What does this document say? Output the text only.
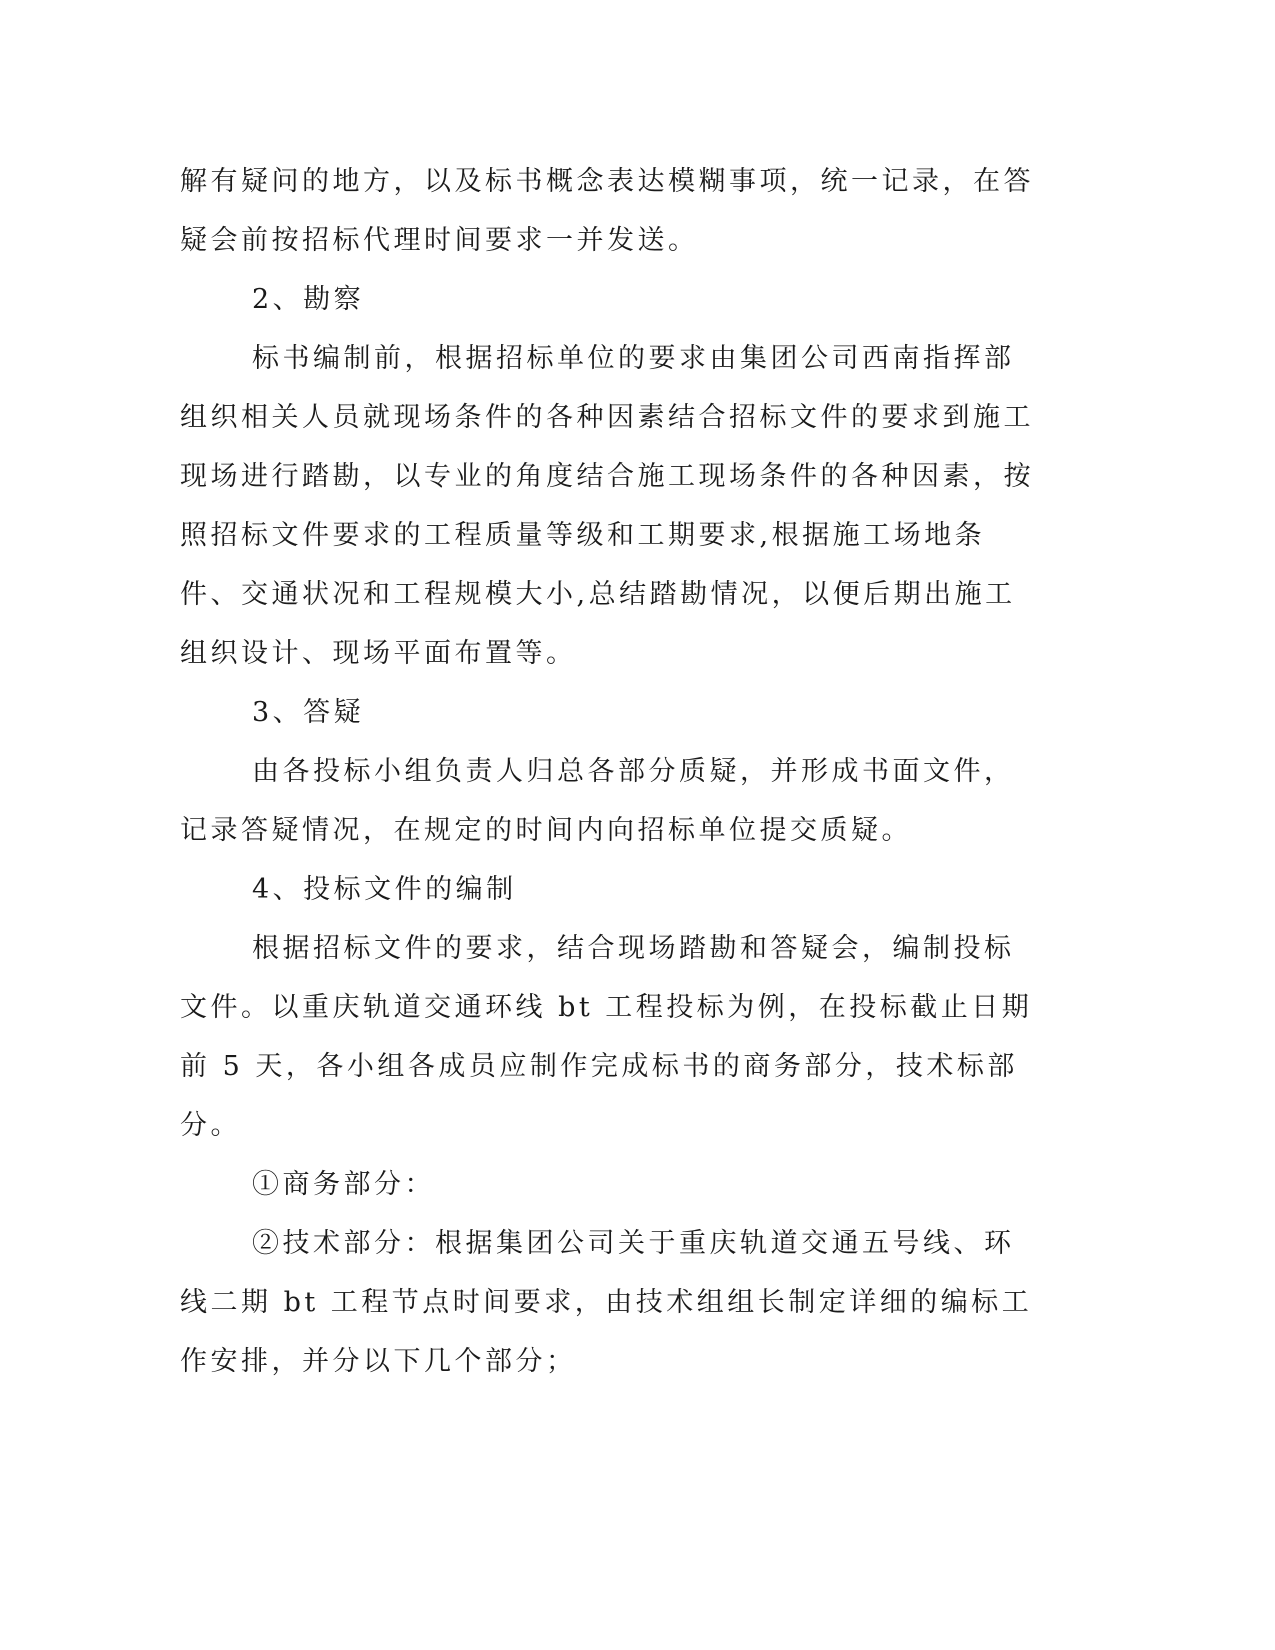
解有疑问的地方，以及标书概念表达模糊事项，统一记录，在答疑会前按招标代理时间要求一并发送。

2、勘察

标书编制前，根据招标单位的要求由集团公司西南指挥部组织相关人员就现场条件的各种因素结合招标文件的要求到施工现场进行踏勘，以专业的角度结合施工现场条件的各种因素，按照招标文件要求的工程质量等级和工期要求,根据施工场地条件、交通状况和工程规模大小,总结踏勘情况，以便后期出施工组织设计、现场平面布置等。

3、答疑

由各投标小组负责人归总各部分质疑，并形成书面文件，记录答疑情况，在规定的时间内向招标单位提交质疑。

4、投标文件的编制

根据招标文件的要求，结合现场踏勘和答疑会，编制投标文件。以重庆轨道交通环线 bt 工程投标为例，在投标截止日期前 5 天，各小组各成员应制作完成标书的商务部分，技术标部分。

①商务部分：

②技术部分：根据集团公司关于重庆轨道交通五号线、环线二期 bt 工程节点时间要求，由技术组组长制定详细的编标工作安排，并分以下几个部分；
